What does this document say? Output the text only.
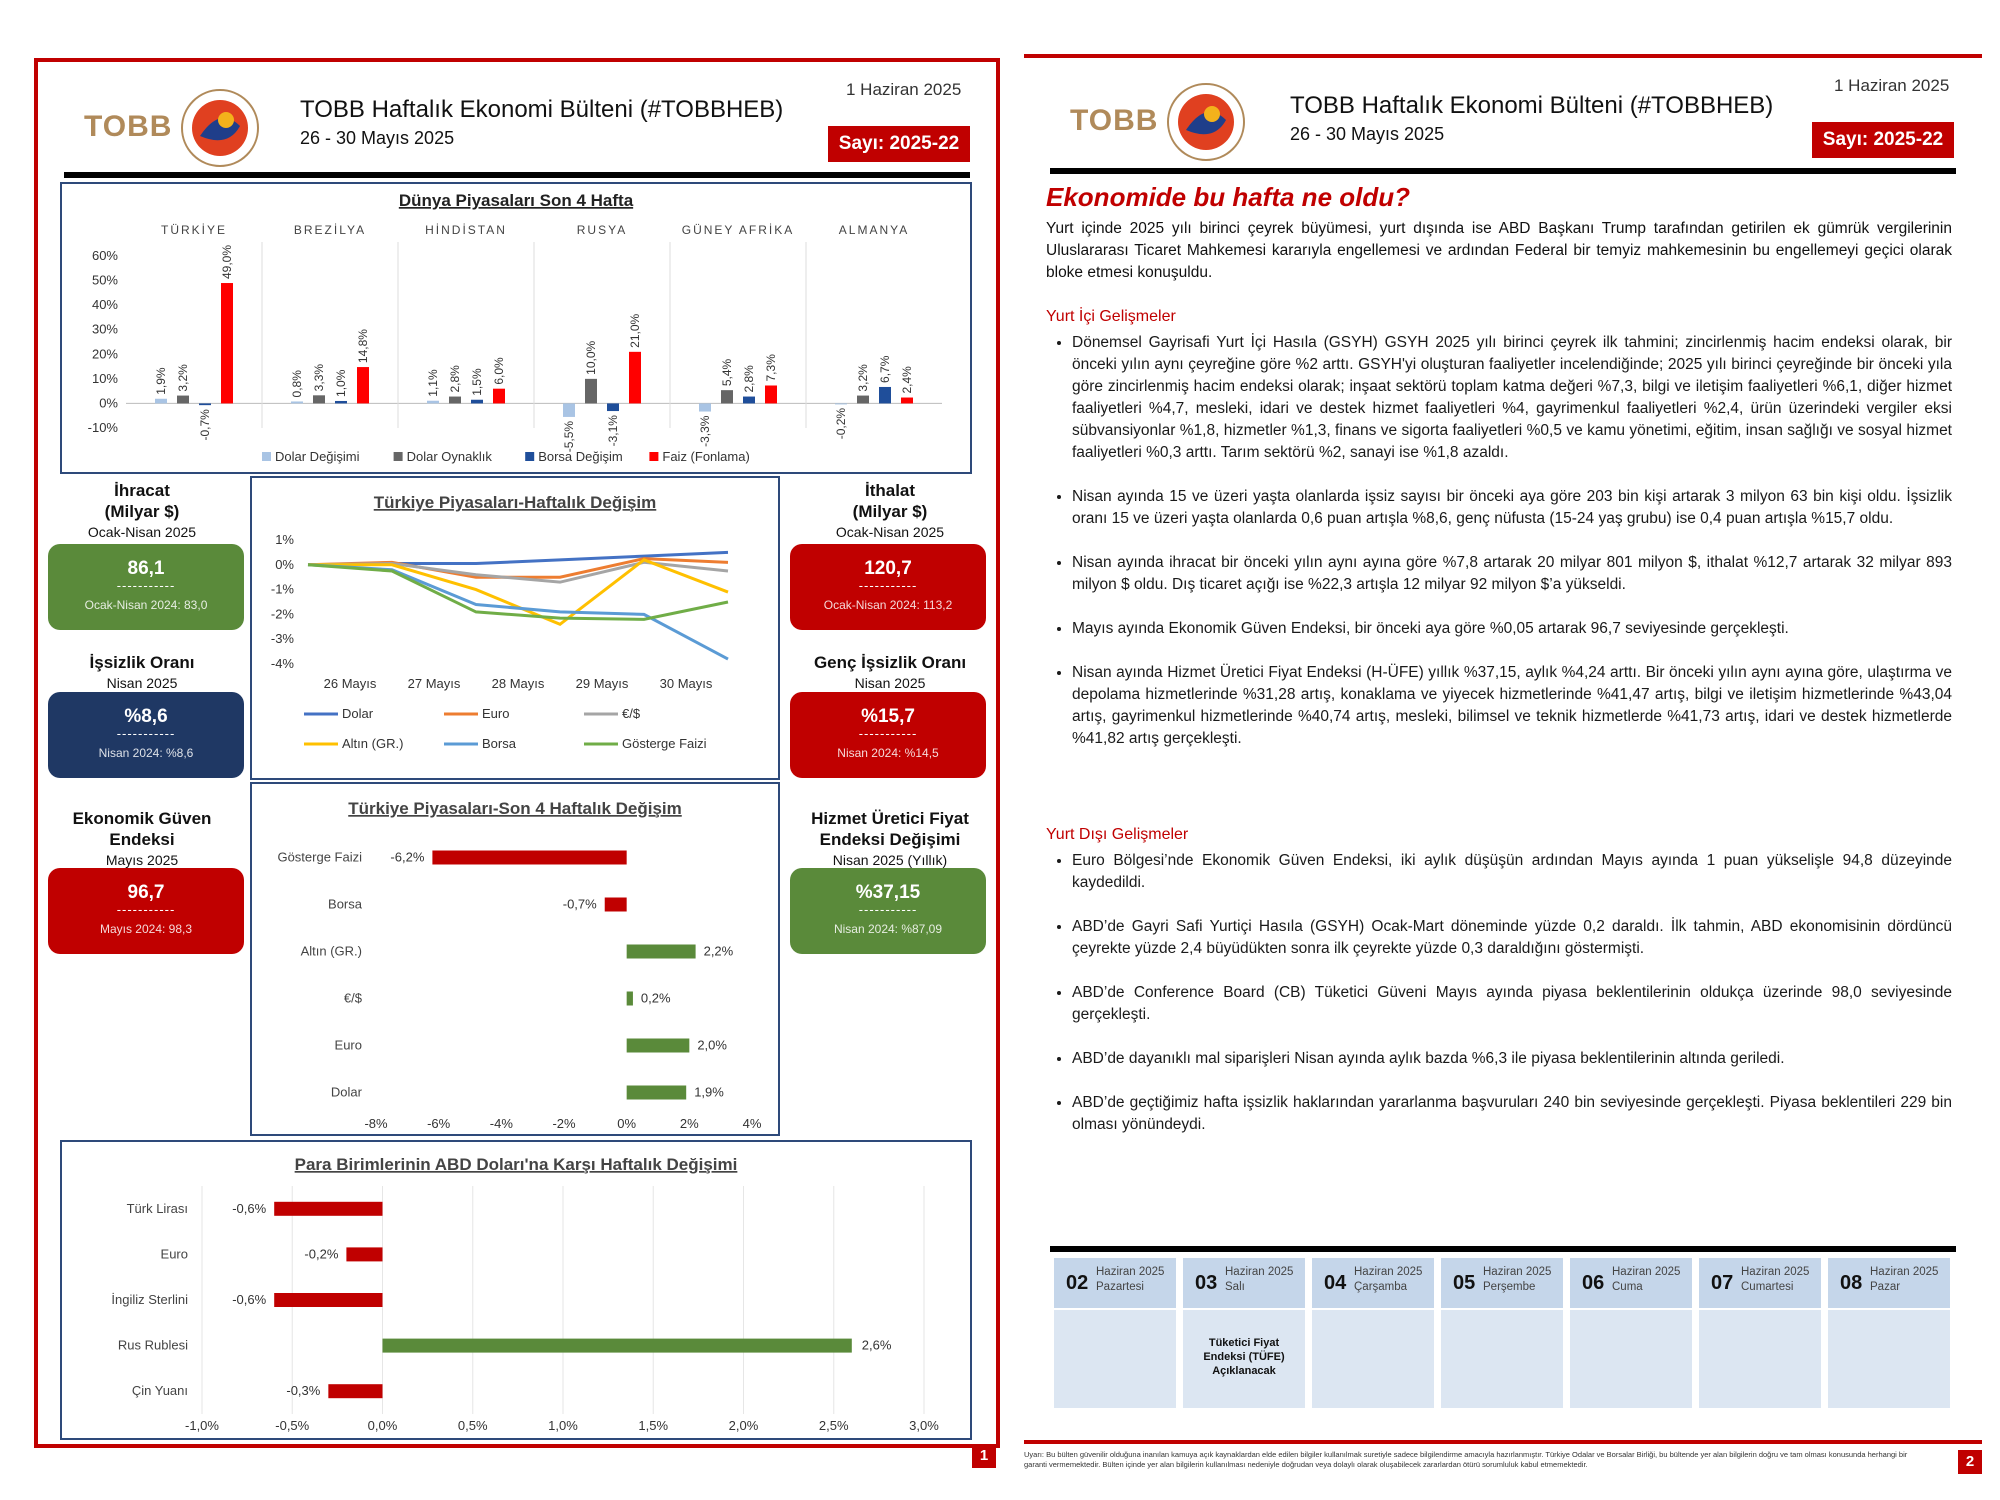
TOBB
TOBB Haftalık Ekonomi Bülteni (#TOBBHEB)
26 - 30 Mayıs 2025
1 Haziran 2025
Sayı: 2025-22
Dünya Piyasaları Son 4 Hafta
60%
50%
40%
30%
20%
10%
0%
-10%
TÜRKİYE
1,9% 3,2%
-0,7%
49,0%
BREZİLYA
0,8% 3,3% 1,0%
14,8%
HİNDİSTAN
1,1% 2,8% 1,5% 6,0%
RUSYA
-5,5%
10,0%
-3,1%
21,0%
GÜNEY AFRİKA
-3,3%
5,4% 2,8% 7,3%
ALMANYA
-0,2%
3,2% 6,7% 2,4%
Dolar Değişimi	Dolar Oynaklık	Borsa Değişim	Faiz (Fonlama)
İhracat
(Milyar $)
Ocak-Nisan 2025
86,1
-----------
Ocak-Nisan 2024: 83,0
İşsizlik Oranı
Nisan 2025
%8,6
-----------
Nisan 2024: %8,6
Ekonomik Güven
Endeksi
Mayıs 2025
96,7
-----------
Mayıs 2024: 98,3
İthalat
(Milyar $)
Ocak-Nisan 2025
120,7
-----------
Ocak-Nisan 2024: 113,2
Genç İşsizlik Oranı
Nisan 2025
%15,7
-----------
Nisan 2024: %14,5
Hizmet Üretici Fiyat
Endeksi Değişimi
Nisan 2025 (Yıllık)
%37,15
-----------
Nisan 2024: %87,09
Türkiye Piyasaları-Haftalık Değişim
1%
0%
-1%
-2%
-3%
-4%
26 Mayıs 27 Mayıs 28 Mayıs 29 Mayıs 30 Mayıs
Dolar	Euro	€/$
Altın (GR.)	Borsa	Gösterge Faizi
Türkiye Piyasaları-Son 4 Haftalık Değişim
-8%	-6%	-4%	-2%	0%	2%	4%
Gösterge Faizi -6,2%
Borsa	-0,7%
Altın (GR.)	2,2%
€/$	0,2%
Euro	2,0%
Dolar	1,9%
Para Birimlerinin ABD Doları'na Karşı Haftalık Değişimi
-1,0%	-0,5%	0,0%	0,5%	1,0%	1,5%	2,0%	2,5%	3,0%
Türk Lirası	-0,6%
Euro	-0,2%
İngiliz Sterlini	-0,6%
Rus Rublesi	2,6%
Çin Yuanı	-0,3%
1
TOBB	TOBB Haftalık Ekonomi Bülteni (#TOBBHEB)
26 - 30 Mayıs 2025
1 Haziran 2025
Sayı: 2025-22
Ekonomide bu hafta ne oldu?
Yurt içinde 2025 yılı birinci çeyrek büyümesi, yurt dışında ise ABD Başkanı Trump tarafından getirilen ek gümrük vergilerinin Uluslararası Ticaret Mahkemesi kararıyla engellemesi ve ardından Federal bir temyiz mahkemesinin bu engellemeyi geçici olarak bloke etmesi konuşuldu.
Yurt İçi Gelişmeler
• Dönemsel Gayrisafi Yurt İçi Hasıla (GSYH) GSYH 2025 yılı birinci çeyrek ilk tahmini; zincirlenmiş hacim endeksi olarak, bir önceki yılın aynı çeyreğine göre %2 arttı. GSYH'yi oluşturan faaliyetler incelendiğinde; 2025 yılı birinci çeyreğinde bir önceki yıla göre zincirlenmiş hacim endeksi olarak; inşaat sektörü toplam katma değeri %7,3, bilgi ve iletişim faaliyetleri %6,1, diğer hizmet faaliyetleri %4,7, mesleki, idari ve destek hizmet faaliyetleri %4, gayrimenkul faaliyetleri %2,4, ürün üzerindeki vergiler eksi sübvansiyonlar %1,8, hizmetler %1,3, finans ve sigorta faaliyetleri %0,5 ve kamu yönetimi, eğitim, insan sağlığı ve sosyal hizmet faaliyetleri %0,3 arttı. Tarım sektörü %2, sanayi ise %1,8 azaldı.
• Nisan ayında 15 ve üzeri yaşta olanlarda işsiz sayısı bir önceki aya göre 203 bin kişi artarak 3 milyon 63 bin kişi oldu. İşsizlik oranı 15 ve üzeri yaşta olanlarda 0,6 puan artışla %8,6, genç nüfusta (15-24 yaş grubu) ise 0,4 puan artışla %15,7 oldu.
• Nisan ayında ihracat bir önceki yılın aynı ayına göre %7,8 artarak 20 milyar 801 milyon $, ithalat %12,7 artarak 32 milyar 893 milyon $ oldu. Dış ticaret açığı ise %22,3 artışla 12 milyar 92 milyon $’a yükseldi.
• Mayıs ayında Ekonomik Güven Endeksi, bir önceki aya göre %0,05 artarak 96,7 seviyesinde gerçekleşti.
• Nisan ayında Hizmet Üretici Fiyat Endeksi (H-ÜFE) yıllık %37,15, aylık %4,24 arttı. Bir önceki yılın aynı ayına göre, ulaştırma ve depolama hizmetlerinde %31,28 artış, konaklama ve yiyecek hizmetlerinde %41,47 artış, bilgi ve iletişim hizmetlerinde %43,04 artış, gayrimenkul hizmetlerinde %40,74 artış, mesleki, bilimsel ve teknik hizmetlerde %41,73 artış, idari ve destek hizmetlerde %41,82 artış gerçekleşti.
Yurt Dışı Gelişmeler
• Euro Bölgesi’nde Ekonomik Güven Endeksi, iki aylık düşüşün ardından Mayıs ayında 1 puan yükselişle 94,8 düzeyinde kaydedildi.
• ABD’de Gayri Safi Yurtiçi Hasıla (GSYH) Ocak-Mart döneminde yüzde 0,2 daraldı. İlk tahmin, ABD ekonomisinin dördüncü çeyrekte yüzde 2,4 büyüdükten sonra ilk çeyrekte yüzde 0,3 daraldığını göstermişti.
• ABD’de Conference Board (CB) Tüketici Güveni Mayıs ayında piyasa beklentilerinin oldukça üzerinde 98,0 seviyesinde gerçekleşti.
• ABD’de dayanıklı mal siparişleri Nisan ayında aylık bazda %6,3 ile piyasa beklentilerinin altında geriledi.
• ABD’de geçtiğimiz hafta işsizlik haklarından yararlanma başvuruları 240 bin seviyesinde gerçekleşti. Piyasa beklentileri 229 bin olması yönündeydi.
02 Haziran 2025
Pazartesi	03 Haziran 2025
Salı
Tüketici Fiyat Endeksi (TÜFE) Açıklanacak
04 Haziran 2025
Çarşamba 05 Haziran 2025
Perşembe 06 Haziran 2025
Cuma	07 Haziran 2025
Cumartesi 08 Haziran 2025
Pazar
Uyarı: Bu bülten güvenilir olduğuna inanılan kamuya açık kaynaklardan elde edilen bilgiler kullanılmak suretiyle sadece bilgilendirme amacıyla hazırlanmıştır. Türkiye Odalar ve Borsalar Birliği, bu bültende yer alan bilgilerin doğru ve tam olması konusunda herhangi bir garanti vermemektedir. Bülten içinde yer alan bilgilerin kullanılması nedeniyle doğrudan veya dolaylı olarak oluşabilecek zararlardan ötürü sorumluluk kabul etmemektedir.	2
